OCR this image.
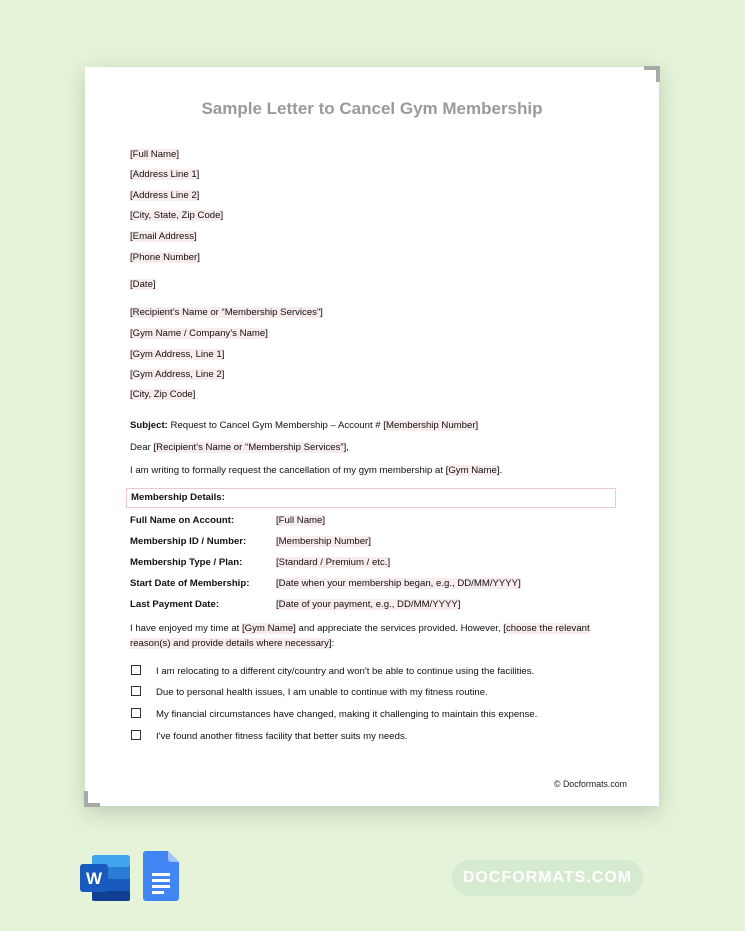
Sample Letter to Cancel Gym Membership
[Full Name]
[Address Line 1]
[Address Line 2]
[City, State, Zip Code]
[Email Address]
[Phone Number]
[Date]
[Recipient’s Name or “Membership Services”]
[Gym Name / Company’s Name]
[Gym Address, Line 1]
[Gym Address, Line 2]
[City, Zip Code]
Subject: Request to Cancel Gym Membership – Account # [Membership Number]
Dear [Recipient’s Name or “Membership Services”],
I am writing to formally request the cancellation of my gym membership at [Gym Name].
Membership Details:
Full Name on Account:	[Full Name]
Membership ID / Number:	[Membership Number]
Membership Type / Plan:	[Standard / Premium / etc.]
Start Date of Membership:	[Date when your membership began, e.g., DD/MM/YYYY]
Last Payment Date:	[Date of your payment, e.g., DD/MM/YYYY]
I have enjoyed my time at [Gym Name] and appreciate the services provided. However, [choose the relevant reason(s) and provide details where necessary]:
I am relocating to a different city/country and won't be able to continue using the facilities.
Due to personal health issues, I am unable to continue with my fitness routine.
My financial circumstances have changed, making it challenging to maintain this expense.
I've found another fitness facility that better suits my needs.
© Docformats.com
W	DOCFORMATS.COM
